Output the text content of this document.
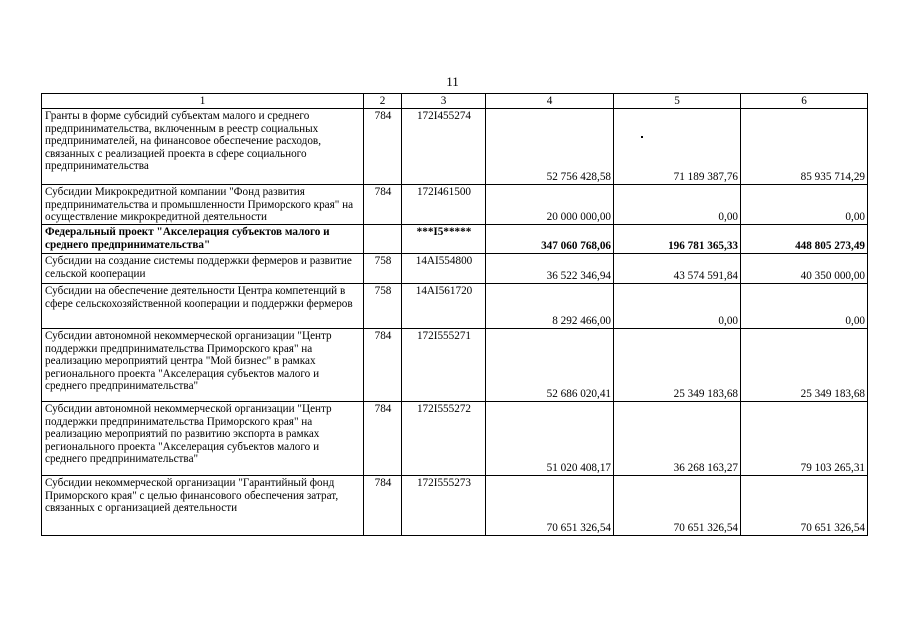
11
1	2	3	4	5	6
Гранты в форме субсидий субъектам малого и среднего предпринимательства, включенным в реестр социальных предпринимателей, на финансовое обеспечение расходов, связанных с реализацией проекта в сфере социального предпринимательства	784	172I455274	52 756 428,58	71 189 387,76	85 935 714,29
Субсидии Микрокредитной компании "Фонд развития предпринимательства и промышленности Приморского края" на осуществление микрокредитной деятельности	784	172I461500	20 000 000,00	0,00	0,00
Федеральный проект "Акселерация субъектов малого и среднего предпринимательства"		***I5*****	347 060 768,06	196 781 365,33	448 805 273,49
Субсидии на создание системы поддержки фермеров и развитие сельской кооперации	758	14AI554800	36 522 346,94	43 574 591,84	40 350 000,00
Субсидии на обеспечение деятельности Центра компетенций в сфере сельскохозяйственной кооперации и поддержки фермеров	758	14AI561720	8 292 466,00	0,00	0,00
Субсидии автономной некоммерческой организации "Центр поддержки предпринимательства Приморского края" на реализацию мероприятий центра "Мой бизнес" в рамках регионального проекта "Акселерация субъектов малого и среднего предпринимательства"	784	172I555271	52 686 020,41	25 349 183,68	25 349 183,68
Субсидии автономной некоммерческой организации "Центр поддержки предпринимательства Приморского края" на реализацию мероприятий по развитию экспорта в рамках регионального проекта "Акселерация субъектов малого и среднего предпринимательства"	784	172I555272	51 020 408,17	36 268 163,27	79 103 265,31
Субсидии некоммерческой организации "Гарантийный фонд Приморского края" с целью финансового обеспечения затрат, связанных с организацией деятельности	784	172I555273	70 651 326,54	70 651 326,54	70 651 326,54
